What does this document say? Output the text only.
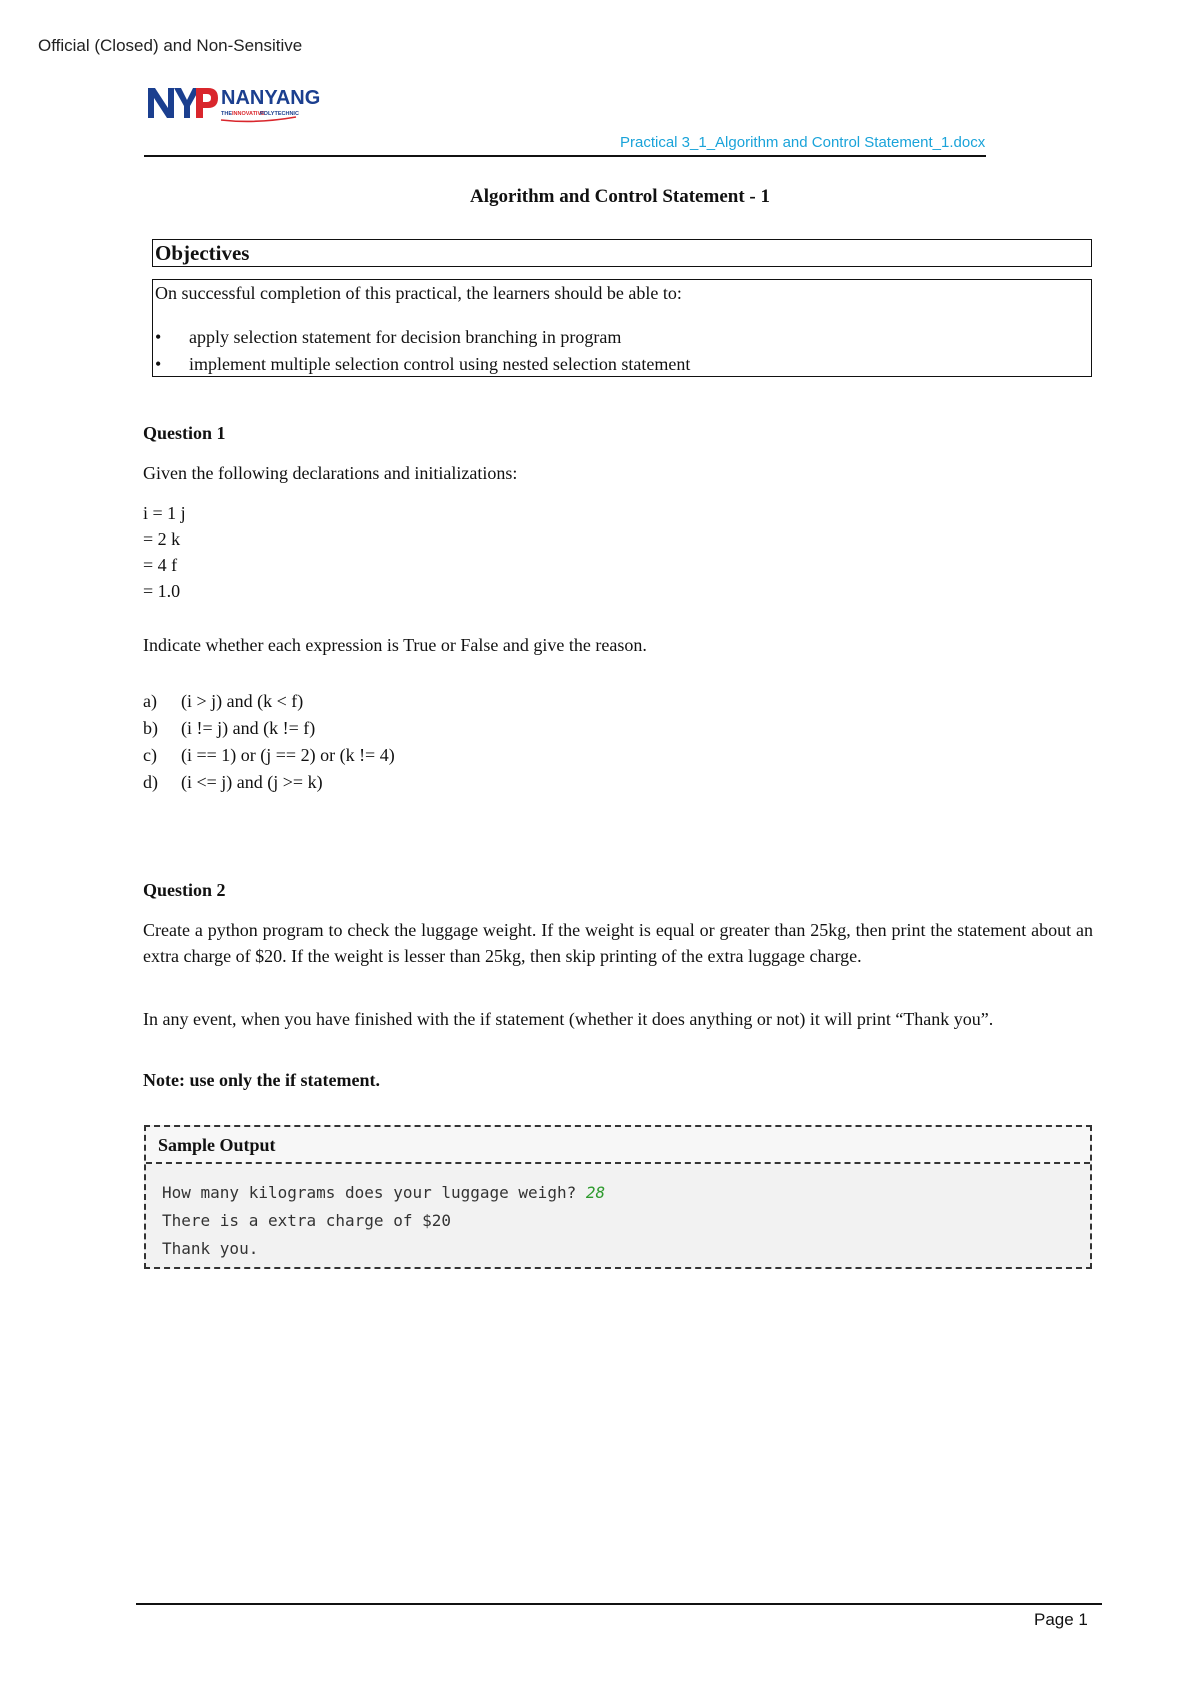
Official (Closed) and Non-Sensitive
NANYANG
THE INNOVATIVE
POLYTECHNIC
Practical 3_1_Algorithm and Control Statement_1.docx
Algorithm and Control Statement - 1
Objectives
On successful completion of this practical, the learners should be able to:
• apply selection statement for decision branching in program
• implement multiple selection control using nested selection statement
Question 1
Given the following declarations and initializations:
i = 1 j
= 2 k
= 4 f
= 1.0
Indicate whether each expression is True or False and give the reason.
a) (i > j) and (k < f)
b) (i != j) and (k != f)
c) (i == 1) or (j == 2) or (k != 4)
d) (i <= j) and (j >= k)
Question 2
Create a python program to check the luggage weight. If the weight is equal or greater than 25kg, then print the statement about an extra charge of $20. If the weight is lesser than 25kg, then skip printing of the extra luggage charge.
In any event, when you have finished with the if statement (whether it does anything or not) it will print “Thank you”.
Note: use only the if statement.
Sample Output
How many kilograms does your luggage weigh? 28
There is a extra charge of $20
Thank you.
Page 1
